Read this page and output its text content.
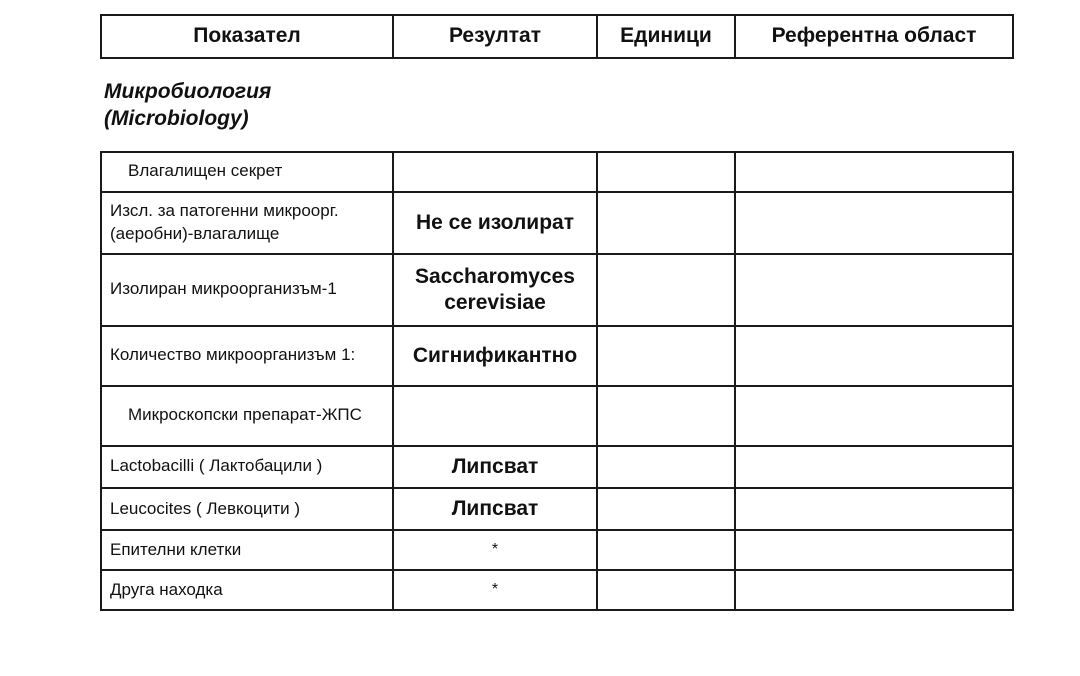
Показател	Резултат	Единици	Референтна област
Микробиология
(Microbiology)
Влагалищен секрет			
Изсл. за патогенни микроорг. (аеробни)-влагалище	Не се изолират		
Изолиран микроорганизъм-1	Saccharomyces cerevisiae		
Количество микроорганизъм 1:	Сигнификантно		
Микроскопски препарат-ЖПС			
Lactobacilli ( Лактобацили )	Липсват		
Leucocites ( Левкоцити )	Липсват		
Епителни клетки	*		
Друга находка	*		
